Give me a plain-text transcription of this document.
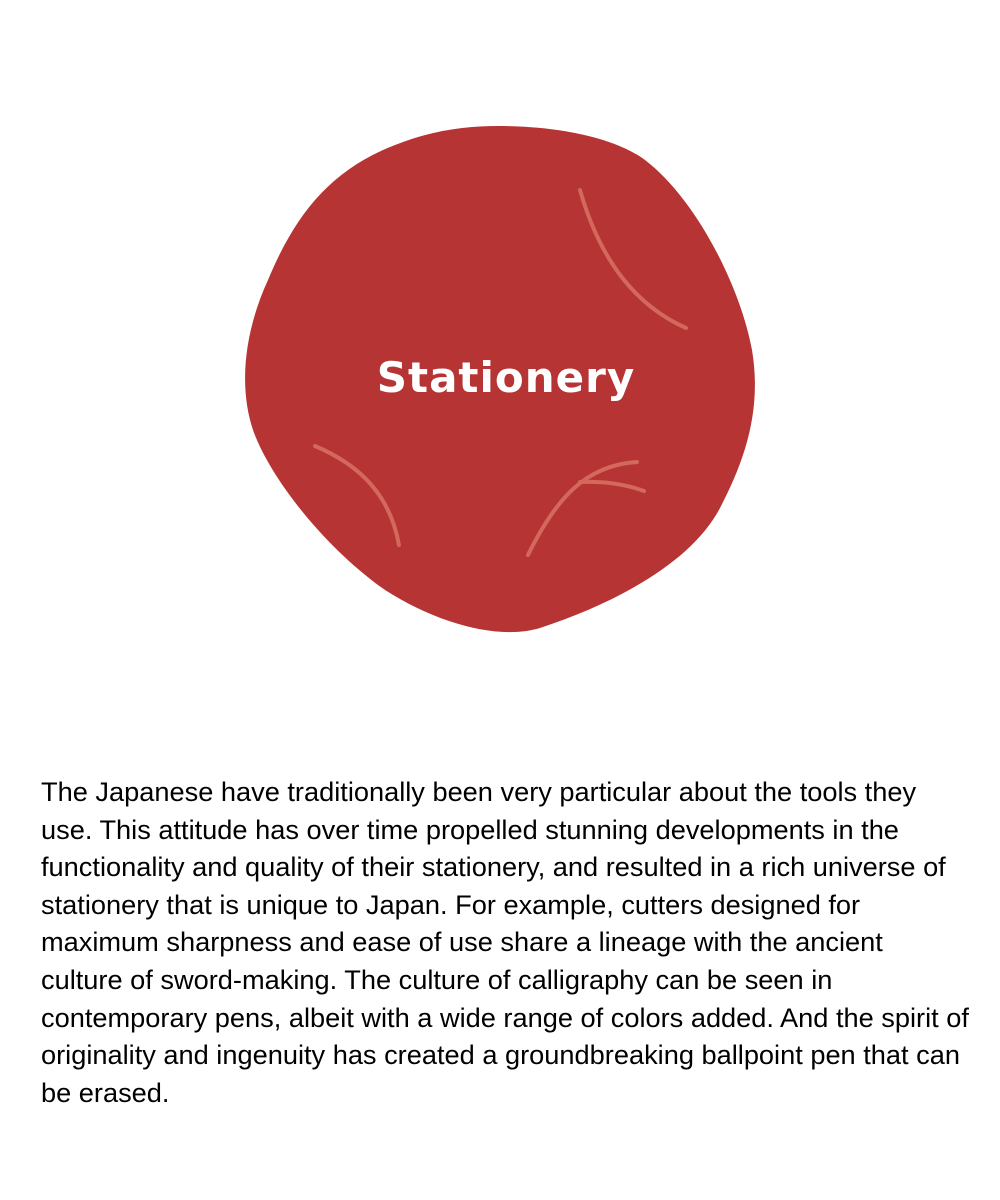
Stationery

The Japanese have traditionally been very particular about the tools they use. This attitude has over time propelled stunning developments in the functionality and quality of their stationery, and resulted in a rich universe of stationery that is unique to Japan. For example, cutters designed for maximum sharpness and ease of use share a lineage with the ancient culture of sword-making. The culture of calligraphy can be seen in contemporary pens, albeit with a wide range of colors added. And the spirit of originality and ingenuity has created a groundbreaking ballpoint pen that can be erased.
